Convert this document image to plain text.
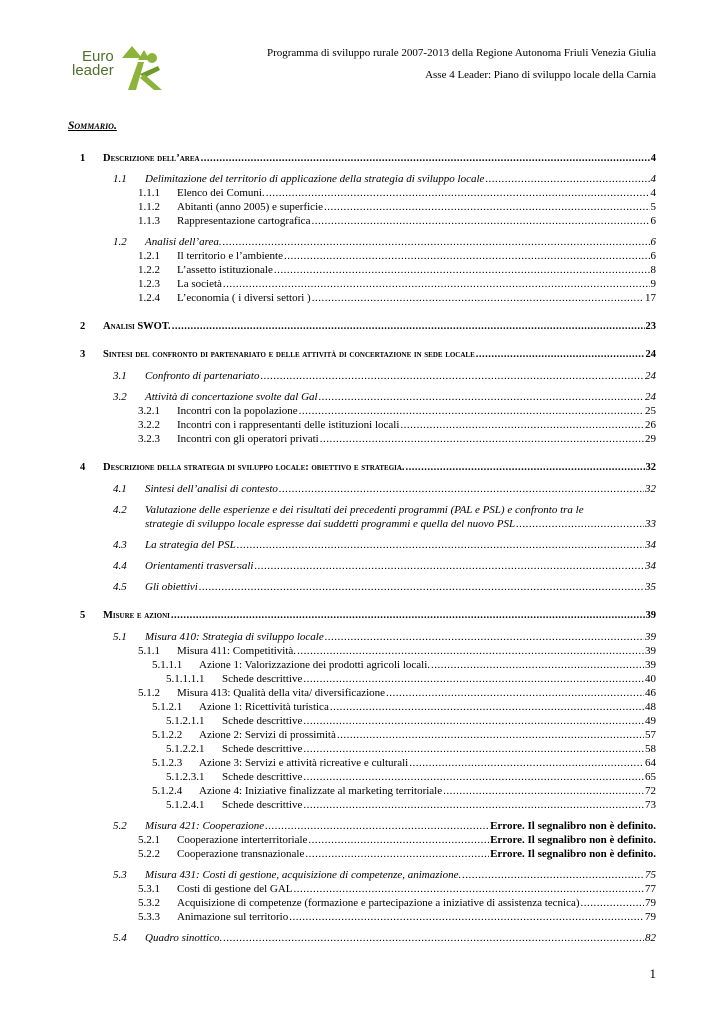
Euro
leader
Programma di sviluppo rurale 2007-2013 della Regione Autonoma Friuli Venezia Giulia
Asse 4 Leader: Piano di sviluppo locale della Carnia
Sommario.
1 Descrizione dell’area .....	4
1.1 Delimitazione del territorio di applicazione della strategia di sviluppo locale .....	4
1.1.1 Elenco dei Comuni. .....	4
1.1.2 Abitanti (anno 2005) e superficie .....	5
1.1.3 Rappresentazione cartografica .....	6
1.2 Analisi dell’area. .....	6
1.2.1 Il territorio e l’ambiente .....	6
1.2.2 L’assetto istituzionale .....	8
1.2.3 La società .....	9
1.2.4 L’economia ( i diversi settori ) .....	17
2 Analisi SWOT. .....	23
3 Sintesi del confronto di partenariato e delle attività di concertazione in sede locale .....	24
3.1 Confronto di partenariato .....	24
3.2 Attività di concertazione svolte dal Gal .....	24
3.2.1 Incontri con la popolazione .....	25
3.2.2 Incontri con i rappresentanti delle istituzioni locali .....	26
3.2.3 Incontri con gli operatori privati .....	29
4 Descrizione della strategia di sviluppo locale: obiettivo e strategia. .....	32
4.1 Sintesi dell’analisi di contesto .....	32
4.2 Valutazione delle esperienze e dei risultati dei precedenti programmi (PAL e PSL) e confronto tra le
strategie di sviluppo locale espresse dai suddetti programmi e quella del nuovo PSL .....	33
4.3 La strategia del PSL .....	34
4.4 Orientamenti trasversali .....	34
4.5 Gli obiettivi .....	35
5 Misure e azioni .....	39
5.1 Misura 410: Strategia di sviluppo locale .....	39
5.1.1 Misura 411: Competitività. .....	39
5.1.1.1 Azione 1: Valorizzazione dei prodotti agricoli locali. .....	39
5.1.1.1.1 Schede descrittive .....	40
5.1.2 Misura 413: Qualità della vita/ diversificazione .....	46
5.1.2.1 Azione 1: Ricettività turistica .....	48
5.1.2.1.1 Schede descrittive .....	49
5.1.2.2 Azione 2: Servizi di prossimità .....	57
5.1.2.2.1 Schede descrittive .....	58
5.1.2.3 Azione 3: Servizi e attività ricreative e culturali .....	64
5.1.2.3.1 Schede descrittive .....	65
5.1.2.4 Azione 4: Iniziative finalizzate al marketing territoriale .....	72
5.1.2.4.1 Schede descrittive .....	73
5.2 Misura 421: Cooperazione .....	Errore. Il segnalibro non è definito.
5.2.1 Cooperazione interterritoriale .....	Errore. Il segnalibro non è definito.
5.2.2 Cooperazione transnazionale .....	Errore. Il segnalibro non è definito.
5.3 Misura 431: Costi di gestione, acquisizione di competenze, animazione. .....	75
5.3.1 Costi di gestione del GAL .....	77
5.3.2 Acquisizione di competenze (formazione e partecipazione a iniziative di assistenza tecnica) .....	79
5.3.3 Animazione sul territorio .....	79
5.4 Quadro sinottico. .....	82
1
